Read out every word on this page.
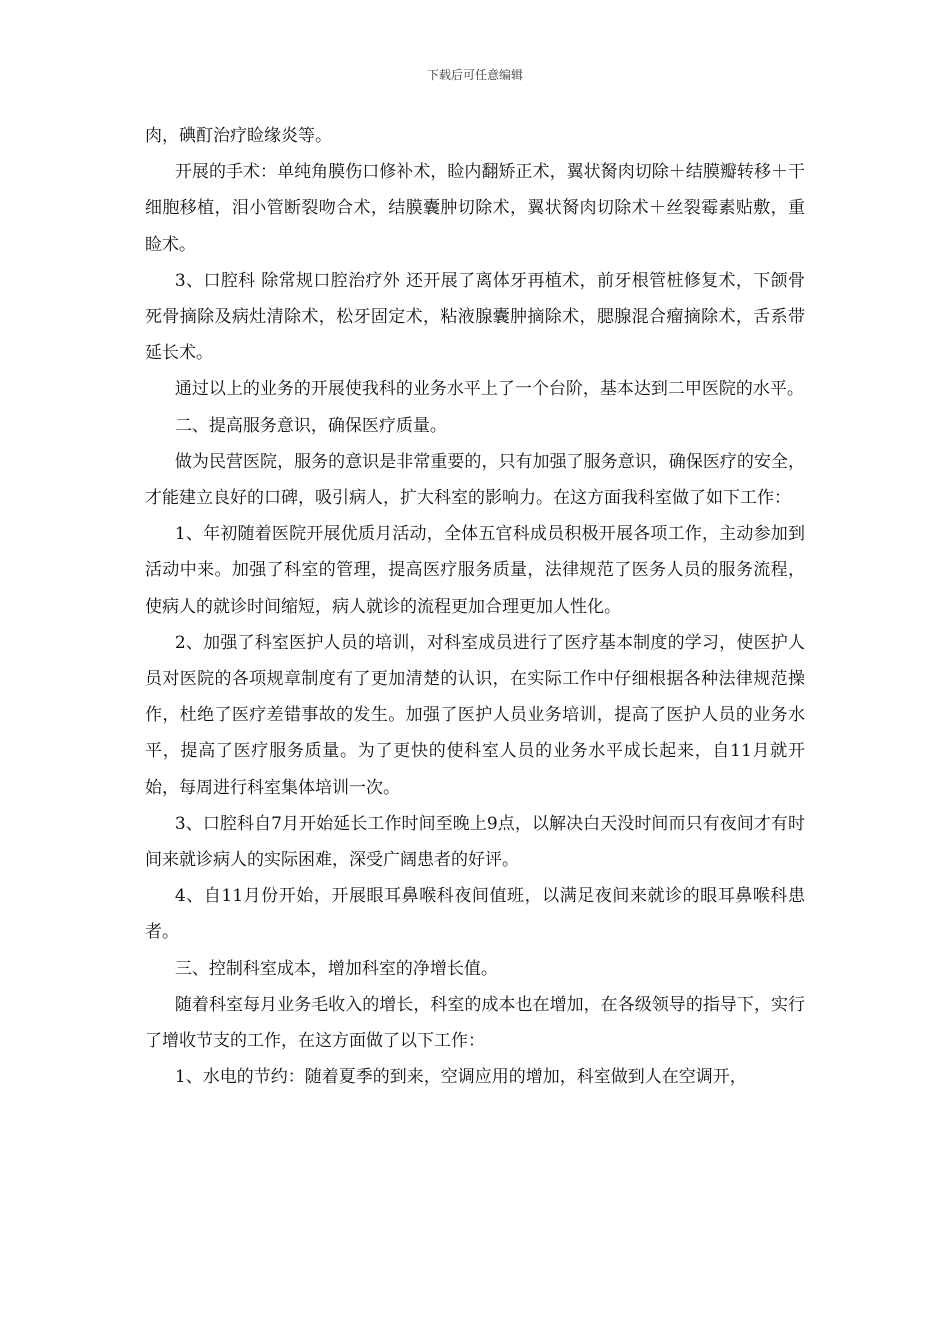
下载后可任意编辑

肉，碘酊治疗睑缘炎等。

开展的手术：单纯角膜伤口修补术，睑内翻矫正术，翼状胬肉切除＋结膜瓣转移＋干细胞移植，泪小管断裂吻合术，结膜囊肿切除术，翼状胬肉切除术＋丝裂霉素贴敷，重睑术。

3、口腔科 除常规口腔治疗外 还开展了离体牙再植术，前牙根管桩修复术，下颌骨死骨摘除及病灶清除术，松牙固定术，粘液腺囊肿摘除术，腮腺混合瘤摘除术，舌系带延长术。

通过以上的业务的开展使我科的业务水平上了一个台阶，基本达到二甲医院的水平。

二、提高服务意识，确保医疗质量。

做为民营医院，服务的意识是非常重要的，只有加强了服务意识，确保医疗的安全，才能建立良好的口碑，吸引病人，扩大科室的影响力。在这方面我科室做了如下工作：

1、年初随着医院开展优质月活动，全体五官科成员积极开展各项工作，主动参加到活动中来。加强了科室的管理，提高医疗服务质量，法律规范了医务人员的服务流程，使病人的就诊时间缩短，病人就诊的流程更加合理更加人性化。

2、加强了科室医护人员的培训，对科室成员进行了医疗基本制度的学习，使医护人员对医院的各项规章制度有了更加清楚的认识，在实际工作中仔细根据各种法律规范操作，杜绝了医疗差错事故的发生。加强了医护人员业务培训，提高了医护人员的业务水平，提高了医疗服务质量。为了更快的使科室人员的业务水平成长起来，自11月就开始，每周进行科室集体培训一次。

3、口腔科自7月开始延长工作时间至晚上9点，以解决白天没时间而只有夜间才有时间来就诊病人的实际困难，深受广阔患者的好评。

4、自11月份开始，开展眼耳鼻喉科夜间值班，以满足夜间来就诊的眼耳鼻喉科患者。

三、控制科室成本，增加科室的净增长值。

随着科室每月业务毛收入的增长，科室的成本也在增加，在各级领导的指导下，实行了增收节支的工作，在这方面做了以下工作：

1、水电的节约：随着夏季的到来，空调应用的增加，科室做到人在空调开，
